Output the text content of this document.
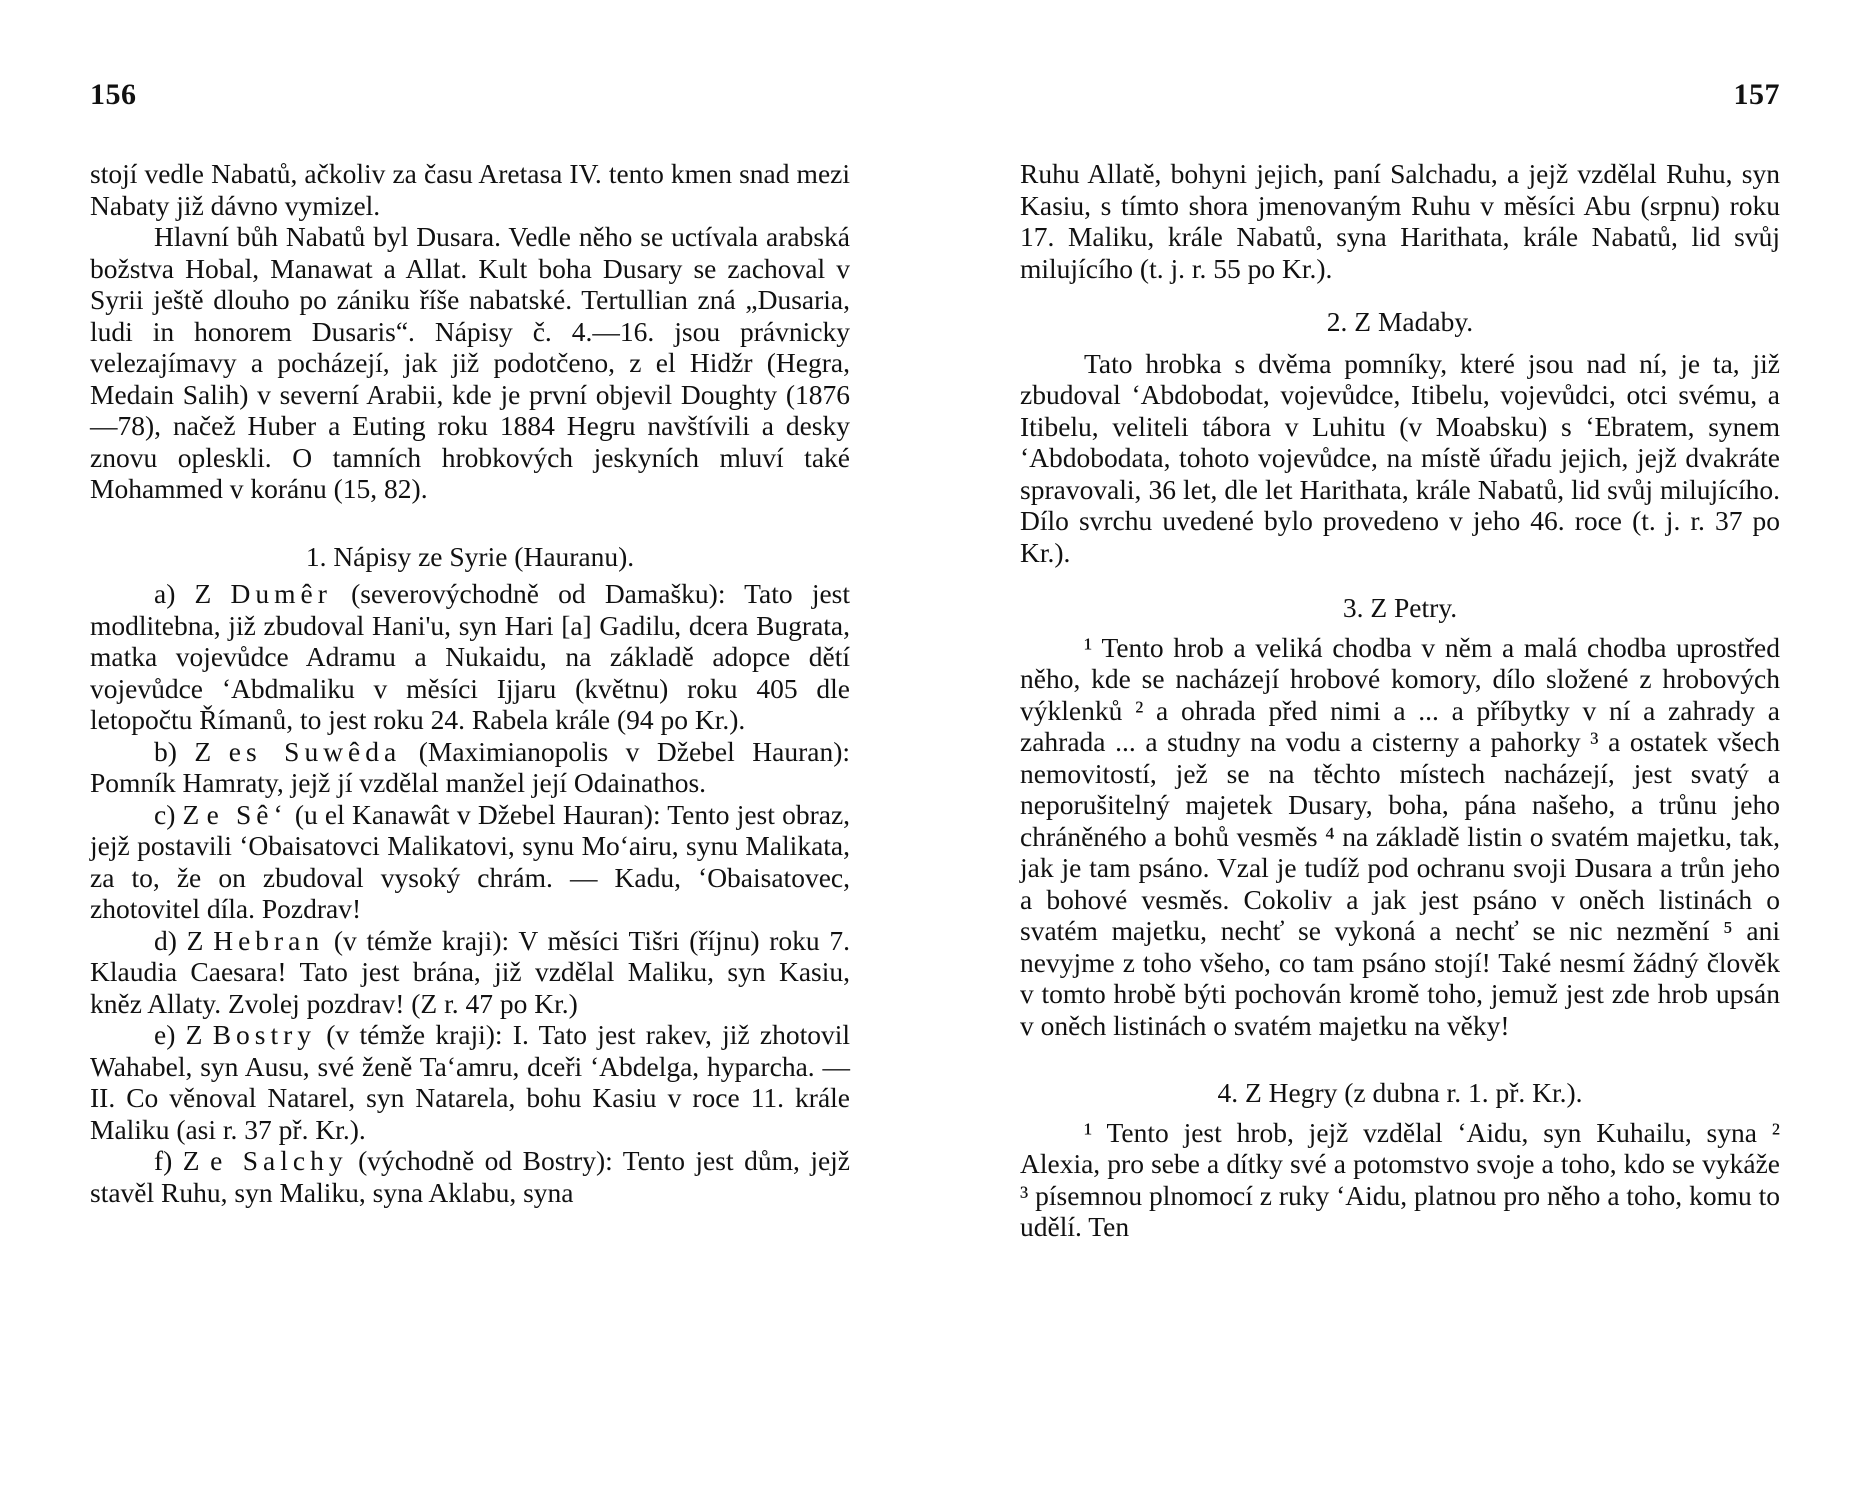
156

stojí vedle Nabatů, ačkoliv za času Aretasa IV. tento kmen snad mezi Nabaty již dávno vymizel.

Hlavní bůh Nabatů byl Dusara. Vedle něho se uctívala arabská božstva Hobal, Manawat a Allat. Kult boha Dusary se zachoval v Syrii ještě dlouho po zániku říše nabatské. Tertullian zná „Dusaria, ludi in honorem Dusaris“. Nápisy č. 4.—16. jsou právnicky velezajímavy a pocházejí, jak již podotčeno, z el Hidžr (Hegra, Medain Salih) v severní Arabii, kde je první objevil Doughty (1876—78), načež Huber a Euting roku 1884 Hegru navštívili a desky znovu opleskli. O tamních hrobkových jeskyních mluví také Mohammed v koránu (15, 82).

1. Nápisy ze Syrie (Hauranu).

a) Z Dumêr (severovýchodně od Damašku): Tato jest modlitebna, již zbudoval Hani'u, syn Hari [a] Gadilu, dcera Bugrata, matka vojevůdce Adramu a Nukaidu, na základě adopce dětí vojevůdce ‘Abdmaliku v měsíci Ijjaru (květnu) roku 405 dle letopočtu Římanů, to jest roku 24. Rabela krále (94 po Kr.).

b) Z es Suwêda (Maximianopolis v Džebel Hauran): Pomník Hamraty, jejž jí vzdělal manžel její Odainathos.

c) Z e Sê‘ (u el Kanawât v Džebel Hauran): Tento jest obraz, jejž postavili ‘Obaisatovci Malikatovi, synu Mo‘airu, synu Malikata, za to, že on zbudoval vysoký chrám. — Kadu, ‘Obaisatovec, zhotovitel díla. Pozdrav!

d) Z Hebran (v témže kraji): V měsíci Tišri (říjnu) roku 7. Klaudia Caesara! Tato jest brána, již vzdělal Maliku, syn Kasiu, kněz Allaty. Zvolej pozdrav! (Z r. 47 po Kr.)

e) Z Bostry (v témže kraji): I. Tato jest rakev, již zhotovil Wahabel, syn Ausu, své ženě Ta‘amru, dceři ‘Abdelga, hyparcha. — II. Co věnoval Natarel, syn Natarela, bohu Kasiu v roce 11. krále Maliku (asi r. 37 př. Kr.).

f) Z e Salchy (východně od Bostry): Tento jest dům, jejž stavěl Ruhu, syn Maliku, syna Aklabu, syna

157

Ruhu Allatě, bohyni jejich, paní Salchadu, a jejž vzdělal Ruhu, syn Kasiu, s tímto shora jmenovaným Ruhu v měsíci Abu (srpnu) roku 17. Maliku, krále Nabatů, syna Harithata, krále Nabatů, lid svůj milujícího (t. j. r. 55 po Kr.).

2. Z Madaby.

Tato hrobka s dvěma pomníky, které jsou nad ní, je ta, již zbudoval ‘Abdobodat, vojevůdce, Itibelu, vojevůdci, otci svému, a Itibelu, veliteli tábora v Luhitu (v Moabsku) s ‘Ebratem, synem ‘Abdobodata, tohoto vojevůdce, na místě úřadu jejich, jejž dvakráte spravovali, 36 let, dle let Harithata, krále Nabatů, lid svůj milujícího. Dílo svrchu uvedené bylo provedeno v jeho 46. roce (t. j. r. 37 po Kr.).

3. Z Petry.

¹ Tento hrob a veliká chodba v něm a malá chodba uprostřed něho, kde se nacházejí hrobové komory, dílo složené z hrobových výklenků ² a ohrada před nimi a ... a příbytky v ní a zahrady a zahrada ... a studny na vodu a cisterny a pahorky ³ a ostatek všech nemovitostí, jež se na těchto místech nacházejí, jest svatý a neporušitelný majetek Dusary, boha, pána našeho, a trůnu jeho chráněného a bohů vesměs ⁴ na základě listin o svatém majetku, tak, jak je tam psáno. Vzal je tudíž pod ochranu svoji Dusara a trůn jeho a bohové vesměs. Cokoliv a jak jest psáno v oněch listinách o svatém majetku, nechť se vykoná a nechť se nic nezmění ⁵ ani nevyjme z toho všeho, co tam psáno stojí! Také nesmí žádný člověk v tomto hrobě býti pochován kromě toho, jemuž jest zde hrob upsán v oněch listinách o svatém majetku na věky!

4. Z Hegry (z dubna r. 1. př. Kr.).

¹ Tento jest hrob, jejž vzdělal ‘Aidu, syn Kuhailu, syna ² Alexia, pro sebe a dítky své a potomstvo svoje a toho, kdo se vykáže ³ písemnou plnomocí z ruky ‘Aidu, platnou pro něho a toho, komu to udělí. Ten
